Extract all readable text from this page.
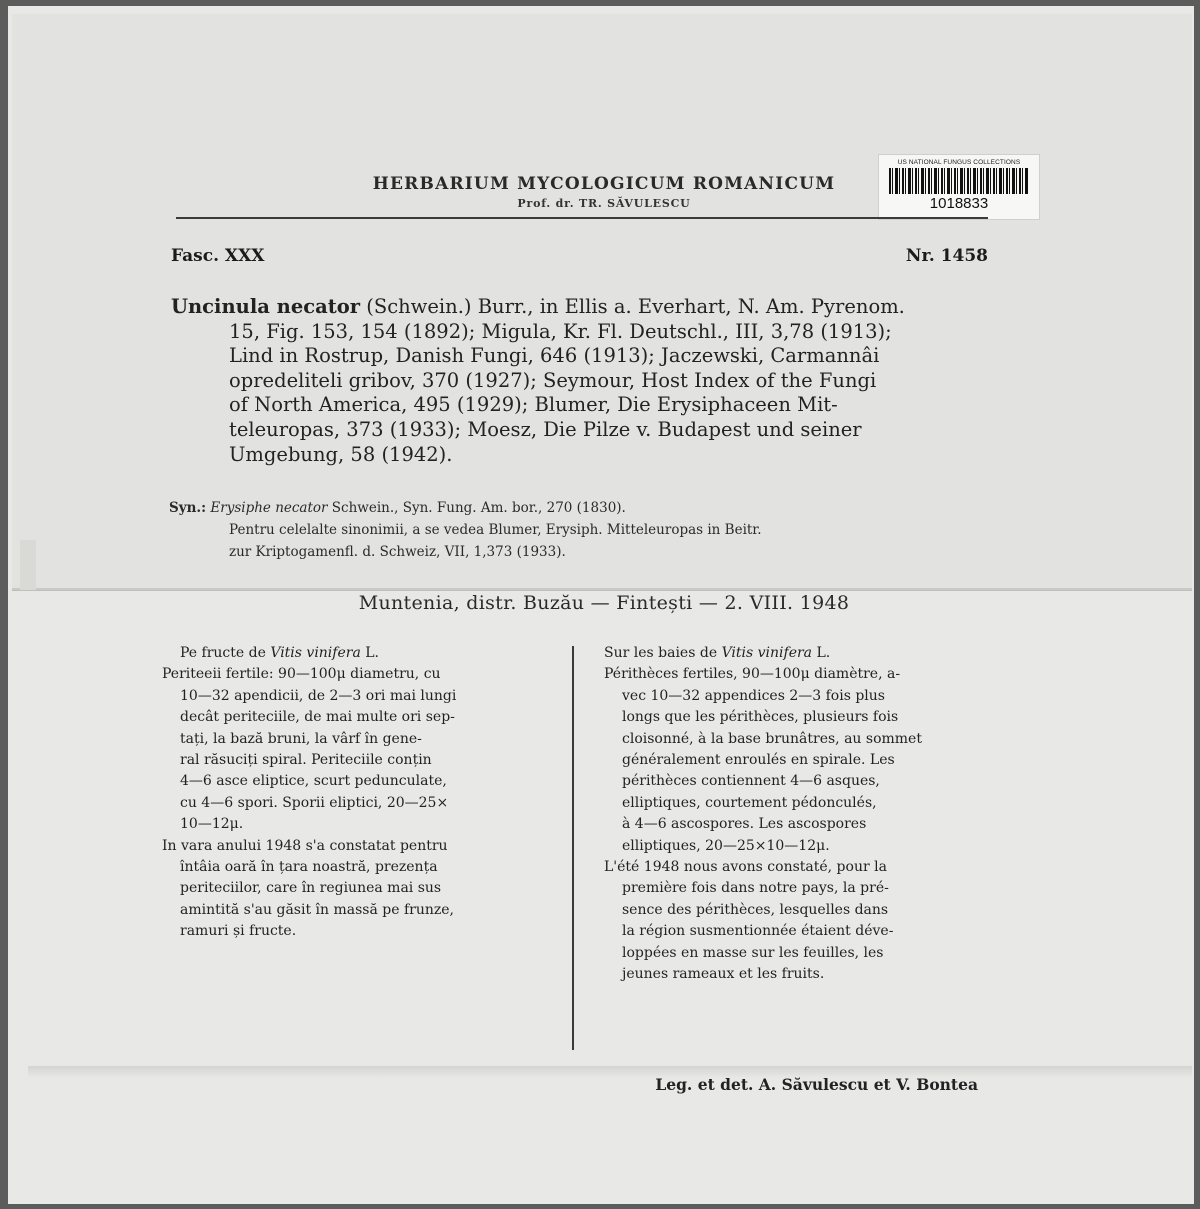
US NATIONAL FUNGUS COLLECTIONS
1018833
HERBARIUM MYCOLOGICUM ROMANICUM
Prof. dr. TR. SĂVULESCU
Fasc. XXX	Nr. 1458
Uncinula necator (Schwein.) Burr., in Ellis a. Everhart, N. Am. Pyrenom.
15, Fig. 153, 154 (1892); Migula, Kr. Fl. Deutschl., III, 3,78 (1913);
Lind in Rostrup, Danish Fungi, 646 (1913); Jaczewski, Carmannâi
opredeliteli gribov, 370 (1927); Seymour, Host Index of the Fungi
of North America, 495 (1929); Blumer, Die Erysiphaceen Mit-
teleuropas, 373 (1933); Moesz, Die Pilze v. Budapest und seiner
Umgebung, 58 (1942).
Syn.: Erysiphe necator Schwein., Syn. Fung. Am. bor., 270 (1830).
Pentru celelalte sinonimii, a se vedea Blumer, Erysiph. Mitteleuropas in Beitr.
zur Kriptogamenfl. d. Schweiz, VII, 1,373 (1933).
Muntenia, distr. Buzău — Fintești — 2. VIII. 1948
Pe fructe de Vitis vinifera L.
Periteeii fertile: 90—100μ diametru, cu
10—32 apendicii, de 2—3 ori mai lungi
decât periteciile, de mai multe ori sep-
tați, la bază bruni, la vârf în gene-
ral răsuciți spiral. Periteciile conțin
4—6 asce eliptice, scurt pedunculate,
cu 4—6 spori. Sporii eliptici, 20—25×
10—12μ.
In vara anului 1948 s'a constatat pentru
întâia oară în țara noastră, prezența
periteciilor, care în regiunea mai sus
amintită s'au găsit în massă pe frunze,
ramuri și fructe.
Sur les baies de Vitis vinifera L.
Périthèces fertiles, 90—100μ diamètre, a-
vec 10—32 appendices 2—3 fois plus
longs que les périthèces, plusieurs fois
cloisonné, à la base brunâtres, au sommet
généralement enroulés en spirale. Les
périthèces contiennent 4—6 asques,
elliptiques, courtement pédonculés,
à 4—6 ascospores. Les ascospores
elliptiques, 20—25×10—12μ.
L'été 1948 nous avons constaté, pour la
première fois dans notre pays, la pré-
sence des périthèces, lesquelles dans
la région susmentionnée étaient déve-
loppées en masse sur les feuilles, les
jeunes rameaux et les fruits.
Leg. et det. A. Săvulescu et V. Bontea
